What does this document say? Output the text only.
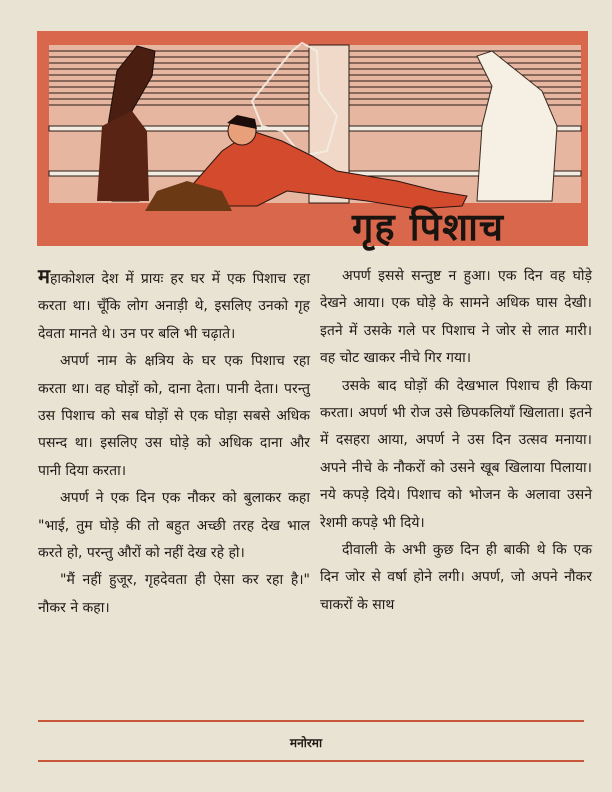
गृह पिशाच

महाकोशल देश में प्रायः हर घर में एक पिशाच रहा करता था। चूँकि लोग अनाड़ी थे, इसलिए उनको गृह देवता मानते थे। उन पर बलि भी चढ़ाते।

अपर्ण नाम के क्षत्रिय के घर एक पिशाच रहा करता था। वह घोड़ों को, दाना देता। पानी देता। परन्तु उस पिशाच को सब घोड़ों से एक घोड़ा सबसे अधिक पसन्द था। इसलिए उस घोड़े को अधिक दाना और पानी दिया करता।

अपर्ण ने एक दिन एक नौकर को बुलाकर कहा "भाई, तुम घोड़े की तो बहुत अच्छी तरह देख भाल करते हो, परन्तु औरों को नहीं देख रहे हो।

"मैं नहीं हुजूर, गृहदेवता ही ऐसा कर रहा है।" नौकर ने कहा।

अपर्ण इससे सन्तुष्ट न हुआ। एक दिन वह घोड़े देखने आया। एक घोड़े के सामने अधिक घास देखी। इतने में उसके गले पर पिशाच ने जोर से लात मारी। वह चोट खाकर नीचे गिर गया।

उसके बाद घोड़ों की देखभाल पिशाच ही किया करता। अपर्ण भी रोज उसे छिपकलियाँ खिलाता। इतने में दसहरा आया, अपर्ण ने उस दिन उत्सव मनाया। अपने नीचे के नौकरों को उसने खूब खिलाया पिलाया। नये कपड़े दिये। पिशाच को भोजन के अलावा उसने रेशमी कपड़े भी दिये।

दीवाली के अभी कुछ दिन ही बाकी थे कि एक दिन जोर से वर्षा होने लगी। अपर्ण, जो अपने नौकर चाकरों के साथ

मनोरमा
